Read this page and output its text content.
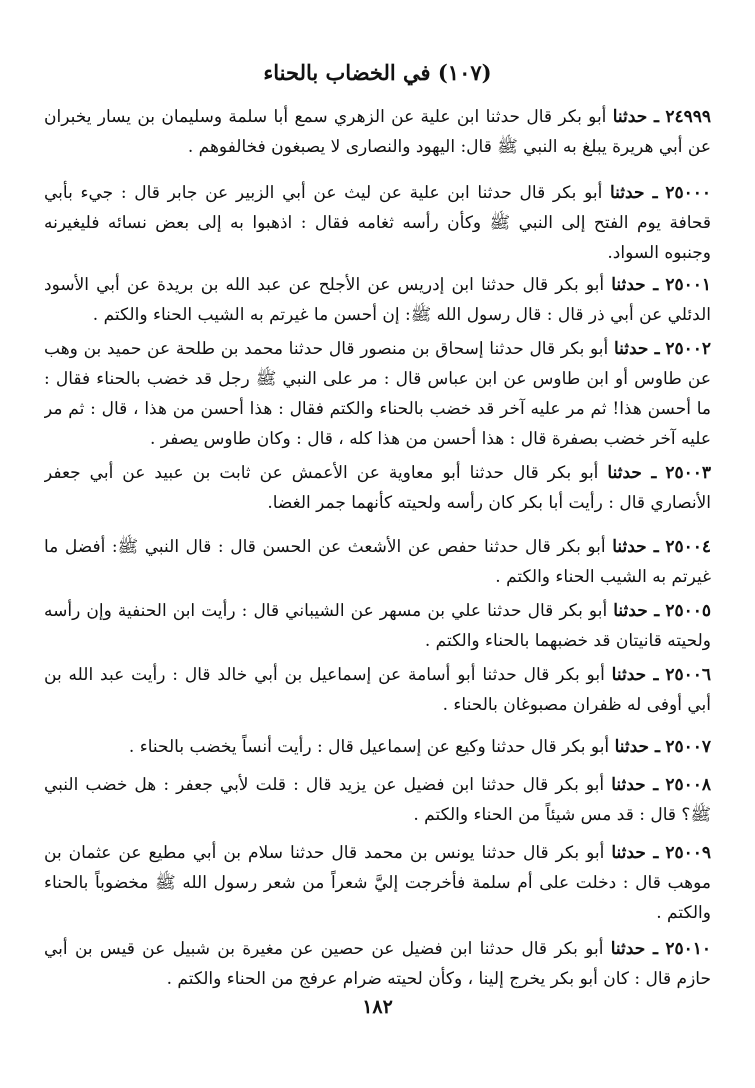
(١٠٧) في الخضاب بالحناء
٢٤٩٩٩ ـ حدثنا أبو بكر قال حدثنا ابن علية عن الزهري سمع أبا سلمة وسليمان بن يسار يخبران عن أبي هريرة يبلغ به النبي ﷺ قال: اليهود والنصارى لا يصبغون فخالفوهم .
٢٥٠٠٠ ـ حدثنا أبو بكر قال حدثنا ابن علية عن ليث عن أبي الزبير عن جابر قال : جيء بأبي قحافة يوم الفتح إلى النبي ﷺ وكأن رأسه ثغامه فقال : اذهبوا به إلى بعض نسائه فليغيرنه وجنبوه السواد.
٢٥٠٠١ ـ حدثنا أبو بكر قال حدثنا ابن إدريس عن الأجلح عن عبد الله بن بريدة عن أبي الأسود الدئلي عن أبي ذر قال : قال رسول الله ﷺ: إن أحسن ما غيرتم به الشيب الحناء والكتم .
٢٥٠٠٢ ـ حدثنا أبو بكر قال حدثنا إسحاق بن منصور قال حدثنا محمد بن طلحة عن حميد بن وهب عن طاوس أو ابن طاوس عن ابن عباس قال : مر على النبي ﷺ رجل قد خضب بالحناء فقال : ما أحسن هذا! ثم مر عليه آخر قد خضب بالحناء والكتم فقال : هذا أحسن من هذا ، قال : ثم مر عليه آخر خضب بصفرة قال : هذا أحسن من هذا كله ، قال : وكان طاوس يصفر .
٢٥٠٠٣ ـ حدثنا أبو بكر قال حدثنا أبو معاوية عن الأعمش عن ثابت بن عبيد عن أبي جعفر الأنصاري قال : رأيت أبا بكر كان رأسه ولحيته كأنهما جمر الغضا.
٢٥٠٠٤ ـ حدثنا أبو بكر قال حدثنا حفص عن الأشعث عن الحسن قال : قال النبي ﷺ: أفضل ما غيرتم به الشيب الحناء والكتم .
٢٥٠٠٥ ـ حدثنا أبو بكر قال حدثنا علي بن مسهر عن الشيباني قال : رأيت ابن الحنفية وإن رأسه ولحيته قانيتان قد خضبهما بالحناء والكتم .
٢٥٠٠٦ ـ حدثنا أبو بكر قال حدثنا أبو أسامة عن إسماعيل بن أبي خالد قال : رأيت عبد الله بن أبي أوفى له ظفران مصبوغان بالحناء .
٢٥٠٠٧ ـ حدثنا أبو بكر قال حدثنا وكيع عن إسماعيل قال : رأيت أنساً يخضب بالحناء .
٢٥٠٠٨ ـ حدثنا أبو بكر قال حدثنا ابن فضيل عن يزيد قال : قلت لأبي جعفر : هل خضب النبي ﷺ؟ قال : قد مس شيئاً من الحناء والكتم .
٢٥٠٠٩ ـ حدثنا أبو بكر قال حدثنا يونس بن محمد قال حدثنا سلام بن أبي مطيع عن عثمان بن موهب قال : دخلت على أم سلمة فأخرجت إليَّ شعراً من شعر رسول الله ﷺ مخضوباً بالحناء والكتم .
٢٥٠١٠ ـ حدثنا أبو بكر قال حدثنا ابن فضيل عن حصين عن مغيرة بن شبيل عن قيس بن أبي حازم قال : كان أبو بكر يخرج إلينا ، وكأن لحيته ضرام عرفج من الحناء والكتم .
١٨٢
